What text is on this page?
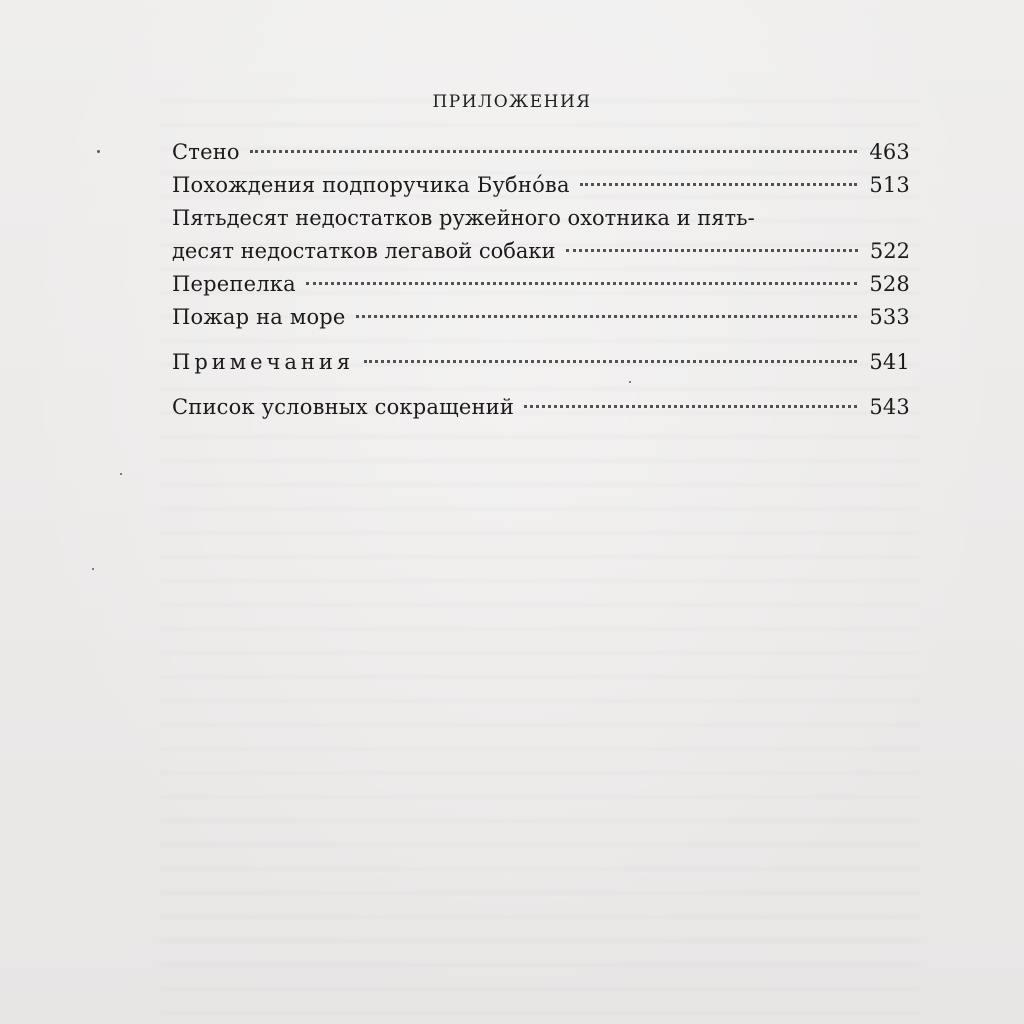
ПРИЛОЖЕНИЯ
Стено	463
Похождения подпоручика Бубно́ва	513
Пятьдесят недостатков ружейного охотника и пять-
десят недостатков легавой собаки	522
Перепелка	528
Пожар на море	533
Примечания	541
Список условных сокращений	543
